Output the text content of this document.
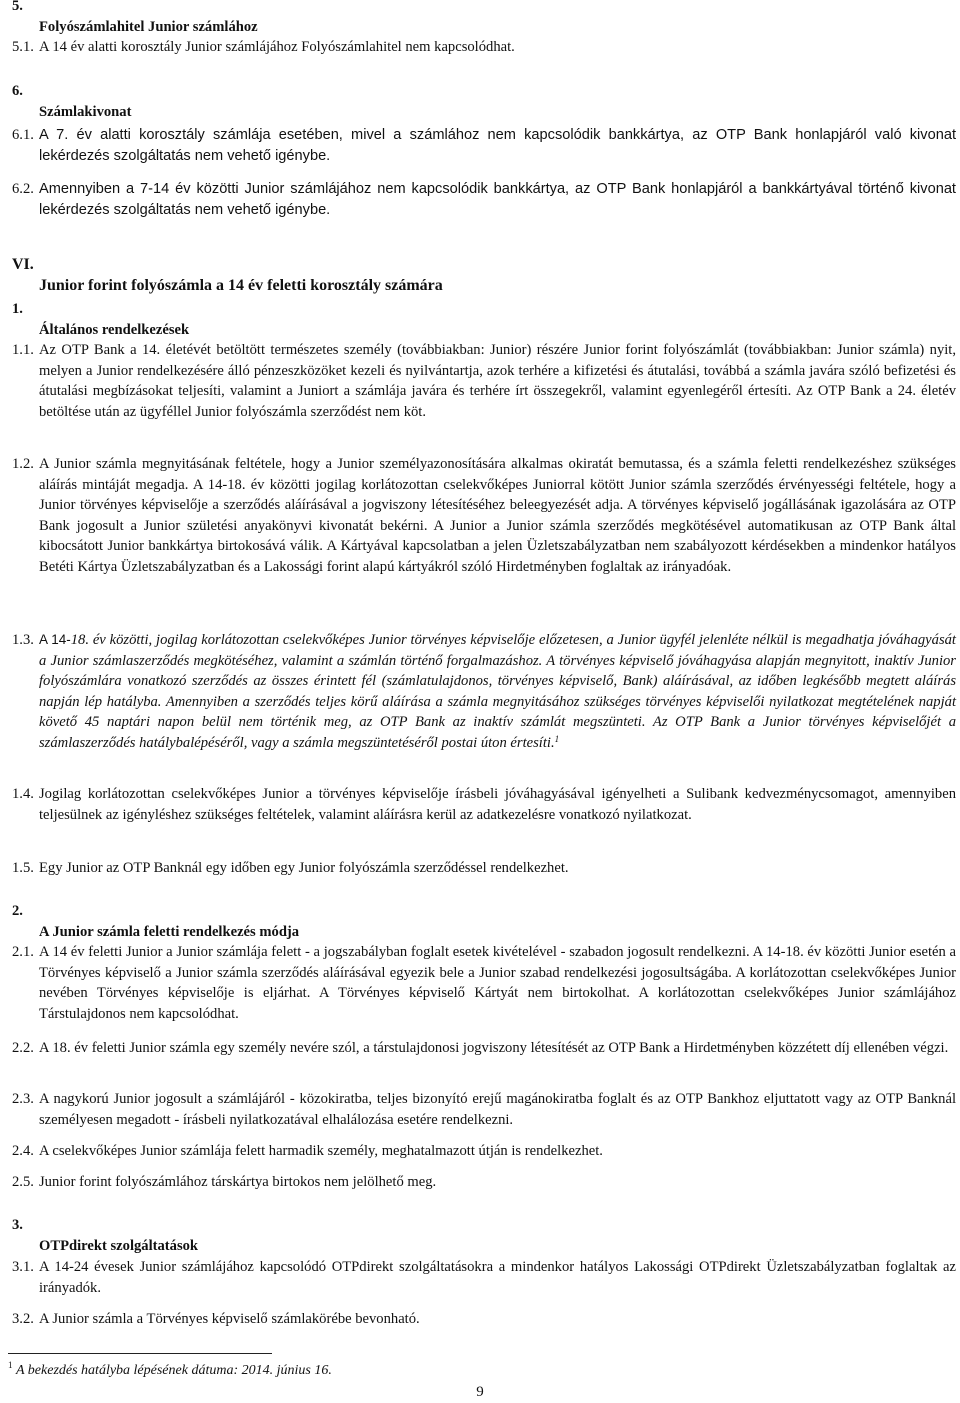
5.
Folyószámlahitel Junior számlához
5.1. A 14 év alatti korosztály Junior számlájához Folyószámlahitel nem kapcsolódhat.
6.
Számlakivonat
6.1. A 7. év alatti korosztály számlája esetében, mivel a számlához nem kapcsolódik bankkártya, az OTP Bank honlapjáról való kivonat lekérdezés szolgáltatás nem vehető igénybe.
6.2. Amennyiben a 7-14 év közötti Junior számlájához nem kapcsolódik bankkártya, az OTP Bank honlapjáról a bankkártyával történő kivonat lekérdezés szolgáltatás nem vehető igénybe.
VI.
Junior forint folyószámla a 14 év feletti korosztály számára
1.
Általános rendelkezések
1.1. Az OTP Bank a 14. életévét betöltött természetes személy (továbbiakban: Junior) részére Junior forint folyószámlát (továbbiakban: Junior számla) nyit, melyen a Junior rendelkezésére álló pénzeszközöket kezeli és nyilvántartja, azok terhére a kifizetési és átutalási, továbbá a számla javára szóló befizetési és átutalási megbízásokat teljesíti, valamint a Juniort a számlája javára és terhére írt összegekről, valamint egyenlegéről értesíti. Az OTP Bank a 24. életév betöltése után az ügyféllel Junior folyószámla szerződést nem köt.
1.2. A Junior számla megnyitásának feltétele, hogy a Junior személyazonosítására alkalmas okiratát bemutassa, és a számla feletti rendelkezéshez szükséges aláírás mintáját megadja. A 14-18. év közötti jogilag korlátozottan cselekvőképes Juniorral kötött Junior számla szerződés érvényességi feltétele, hogy a Junior törvényes képviselője a szerződés aláírásával a jogviszony létesítéséhez beleegyezését adja. A törvényes képviselő jogállásának igazolására az OTP Bank jogosult a Junior születési anyakönyvi kivonatát bekérni. A Junior a Junior számla szerződés megkötésével automatikusan az OTP Bank által kibocsátott Junior bankkártya birtokosává válik. A Kártyával kapcsolatban a jelen Üzletszabályzatban nem szabályozott kérdésekben a mindenkor hatályos Betéti Kártya Üzletszabályzatban és a Lakossági forint alapú kártyákról szóló Hirdetményben foglaltak az irányadóak.
1.3. A 14-18. év közötti, jogilag korlátozottan cselekvőképes Junior törvényes képviselője előzetesen, a Junior ügyfél jelenléte nélkül is megadhatja jóváhagyását a Junior számlaszerződés megkötéséhez, valamint a számlán történő forgalmazáshoz. A törvényes képviselő jóváhagyása alapján megnyitott, inaktív Junior folyószámlára vonatkozó szerződés az összes érintett fél (számlatulajdonos, törvényes képviselő, Bank) aláírásával, az időben legkésőbb megtett aláírás napján lép hatályba. Amennyiben a szerződés teljes körű aláírása a számla megnyitásához szükséges törvényes képviselői nyilatkozat megtételének napját követő 45 naptári napon belül nem történik meg, az OTP Bank az inaktív számlát megszünteti. Az OTP Bank a Junior törvényes képviselőjét a számlaszerződés hatálybalépéséről, vagy a számla megszüntetéséről postai úton értesíti.$^1$
1.4. Jogilag korlátozottan cselekvőképes Junior a törvényes képviselője írásbeli jóváhagyásával igényelheti a Sulibank kedvezménycsomagot, amennyiben teljesülnek az igényléshez szükséges feltételek, valamint aláírásra kerül az adatkezelésre vonatkozó nyilatkozat.
1.5. Egy Junior az OTP Banknál egy időben egy Junior folyószámla szerződéssel rendelkezhet.
2.
A Junior számla feletti rendelkezés módja
2.1. A 14 év feletti Junior a Junior számlája felett - a jogszabályban foglalt esetek kivételével - szabadon jogosult rendelkezni. A 14-18. év közötti Junior esetén a Törvényes képviselő a Junior számla szerződés aláírásával egyezik bele a Junior szabad rendelkezési jogosultságába. A korlátozottan cselekvőképes Junior nevében Törvényes képviselője is eljárhat. A Törvényes képviselő Kártyát nem birtokolhat. A korlátozottan cselekvőképes Junior számlájához Társtulajdonos nem kapcsolódhat.
2.2. A 18. év feletti Junior számla egy személy nevére szól, a társtulajdonosi jogviszony létesítését az OTP Bank a Hirdetményben közzétett díj ellenében végzi.
2.3. A nagykorú Junior jogosult a számlájáról - közokiratba, teljes bizonyító erejű magánokiratba foglalt és az OTP Bankhoz eljuttatott vagy az OTP Banknál személyesen megadott - írásbeli nyilatkozatával elhalálozása esetére rendelkezni.
2.4. A cselekvőképes Junior számlája felett harmadik személy, meghatalmazott útján is rendelkezhet.
2.5. Junior forint folyószámlához társkártya birtokos nem jelölhető meg.
3.
OTPdirekt szolgáltatások
3.1. A 14-24 évesek Junior számlájához kapcsolódó OTPdirekt szolgáltatásokra a mindenkor hatályos Lakossági OTPdirekt Üzletszabályzatban foglaltak az irányadók.
3.2. A Junior számla a Törvényes képviselő számlakörébe bevonható.
$^1$ A bekezdés hatályba lépésének dátuma: 2014. június 16.
9
